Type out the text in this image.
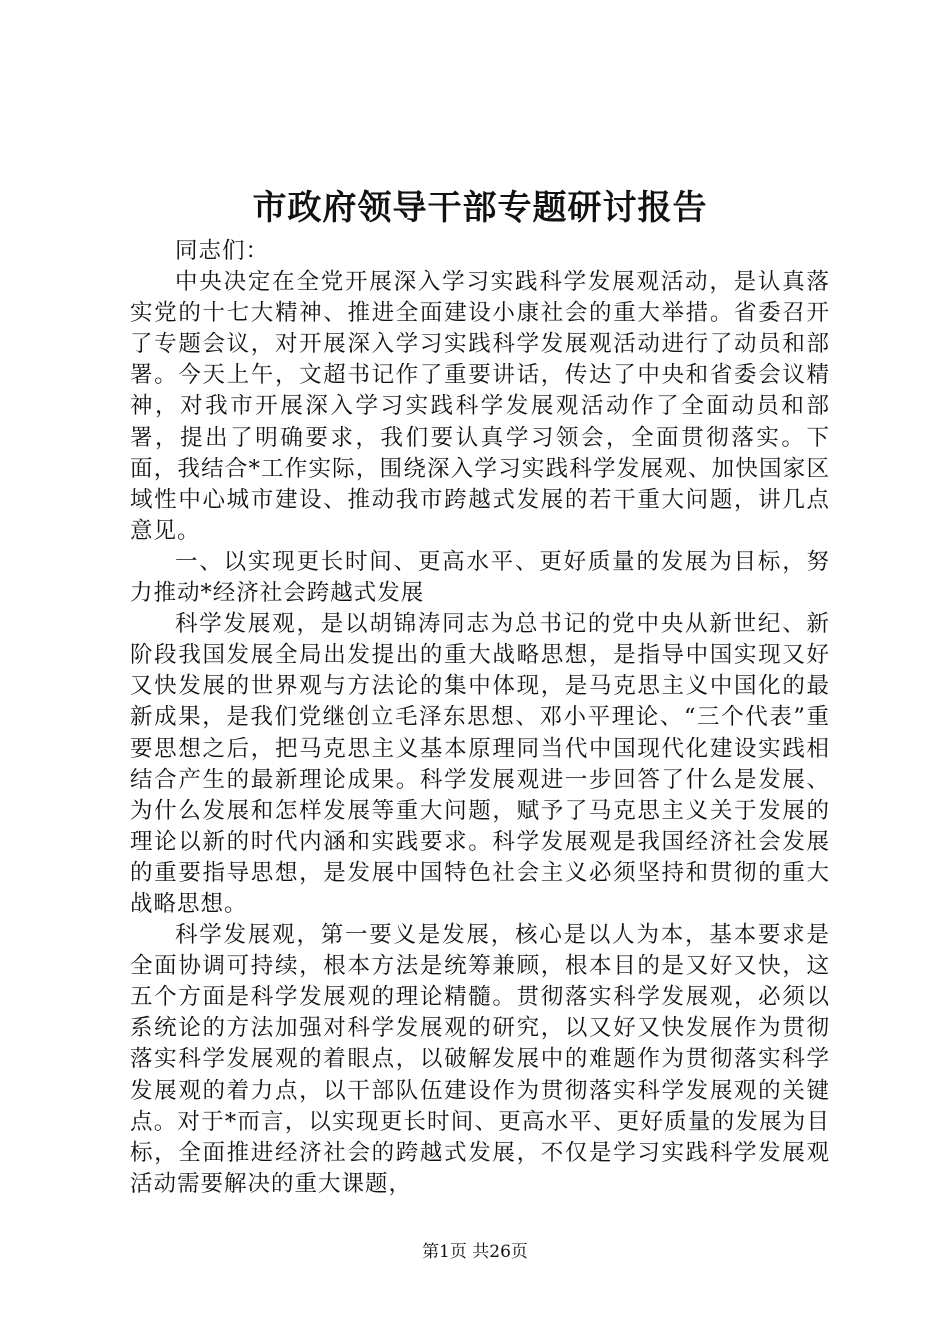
市政府领导干部专题研讨报告

同志们：

中央决定在全党开展深入学习实践科学发展观活动，是认真落实党的十七大精神、推进全面建设小康社会的重大举措。省委召开了专题会议，对开展深入学习实践科学发展观活动进行了动员和部署。今天上午，文超书记作了重要讲话，传达了中央和省委会议精神，对我市开展深入学习实践科学发展观活动作了全面动员和部署，提出了明确要求，我们要认真学习领会，全面贯彻落实。下面，我结合*工作实际，围绕深入学习实践科学发展观、加快国家区域性中心城市建设、推动我市跨越式发展的若干重大问题，讲几点意见。

一、以实现更长时间、更高水平、更好质量的发展为目标，努力推动*经济社会跨越式发展

科学发展观，是以胡锦涛同志为总书记的党中央从新世纪、新阶段我国发展全局出发提出的重大战略思想，是指导中国实现又好又快发展的世界观与方法论的集中体现，是马克思主义中国化的最新成果，是我们党继创立毛泽东思想、邓小平理论、“三个代表”重要思想之后，把马克思主义基本原理同当代中国现代化建设实践相结合产生的最新理论成果。科学发展观进一步回答了什么是发展、为什么发展和怎样发展等重大问题，赋予了马克思主义关于发展的理论以新的时代内涵和实践要求。科学发展观是我国经济社会发展的重要指导思想，是发展中国特色社会主义必须坚持和贯彻的重大战略思想。

科学发展观，第一要义是发展，核心是以人为本，基本要求是全面协调可持续，根本方法是统筹兼顾，根本目的是又好又快，这五个方面是科学发展观的理论精髓。贯彻落实科学发展观，必须以系统论的方法加强对科学发展观的研究，以又好又快发展作为贯彻落实科学发展观的着眼点，以破解发展中的难题作为贯彻落实科学发展观的着力点，以干部队伍建设作为贯彻落实科学发展观的关键点。对于*而言，以实现更长时间、更高水平、更好质量的发展为目标，全面推进经济社会的跨越式发展，不仅是学习实践科学发展观活动需要解决的重大课题，

第1页 共26页
